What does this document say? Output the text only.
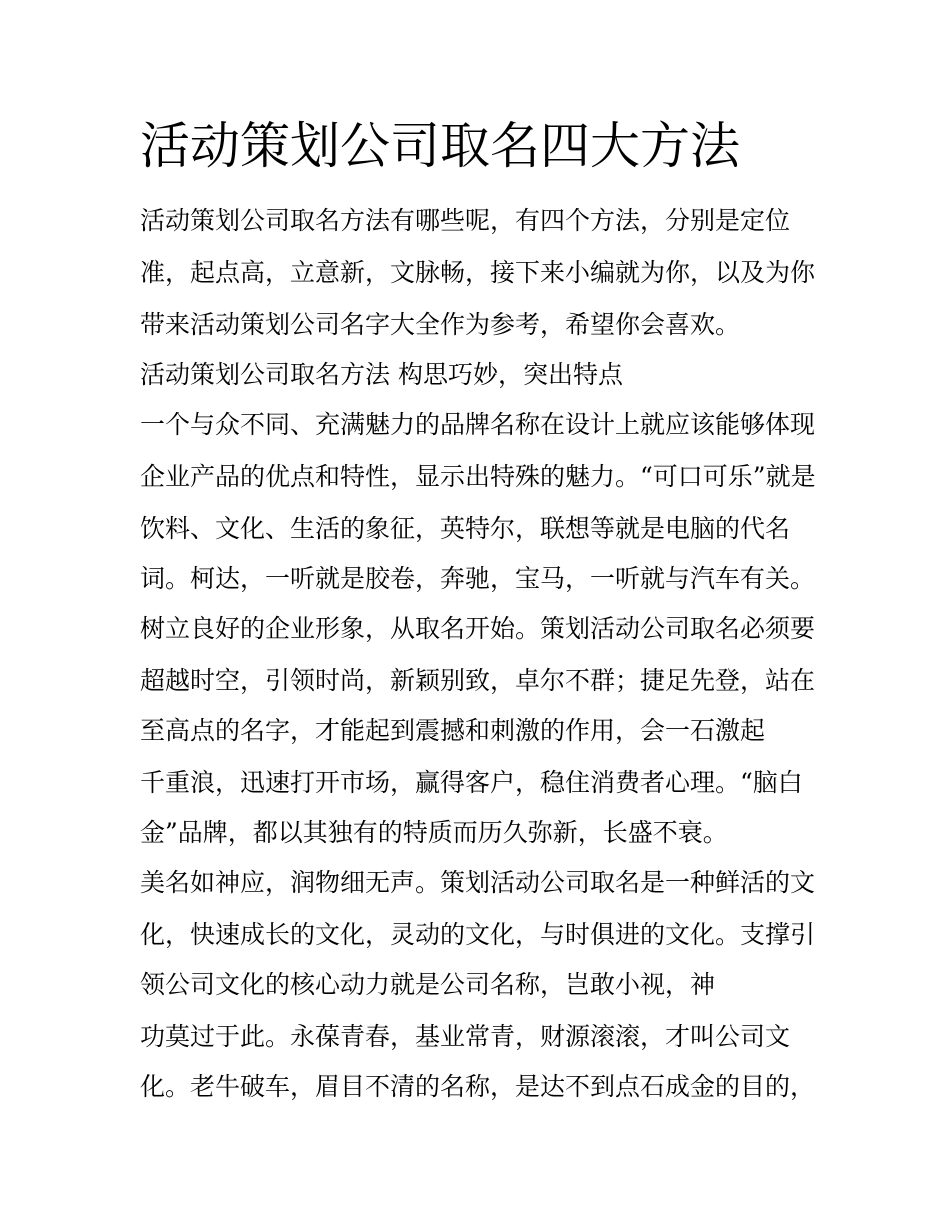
活动策划公司取名四大方法

活动策划公司取名方法有哪些呢，有四个方法，分别是定位

准，起点高，立意新，文脉畅，接下来小编就为你，以及为你

带来活动策划公司名字大全作为参考，希望你会喜欢。

活动策划公司取名方法 构思巧妙，突出特点

一个与众不同、充满魅力的品牌名称在设计上就应该能够体现

企业产品的优点和特性，显示出特殊的魅力。“可口可乐”就是

饮料、文化、生活的象征，英特尔，联想等就是电脑的代名

词。柯达，一听就是胶卷，奔驰，宝马，一听就与汽车有关。

树立良好的企业形象，从取名开始。策划活动公司取名必须要

超越时空，引领时尚，新颖别致，卓尔不群；捷足先登，站在

至高点的名字，才能起到震撼和刺激的作用，会一石激起

千重浪，迅速打开市场，赢得客户，稳住消费者心理。“脑白

金”品牌，都以其独有的特质而历久弥新，长盛不衰。

美名如神应，润物细无声。策划活动公司取名是一种鲜活的文

化，快速成长的文化，灵动的文化，与时俱进的文化。支撑引

领公司文化的核心动力就是公司名称，岂敢小视，神

功莫过于此。永葆青春，基业常青，财源滚滚，才叫公司文

化。老牛破车，眉目不清的名称，是达不到点石成金的目的，
